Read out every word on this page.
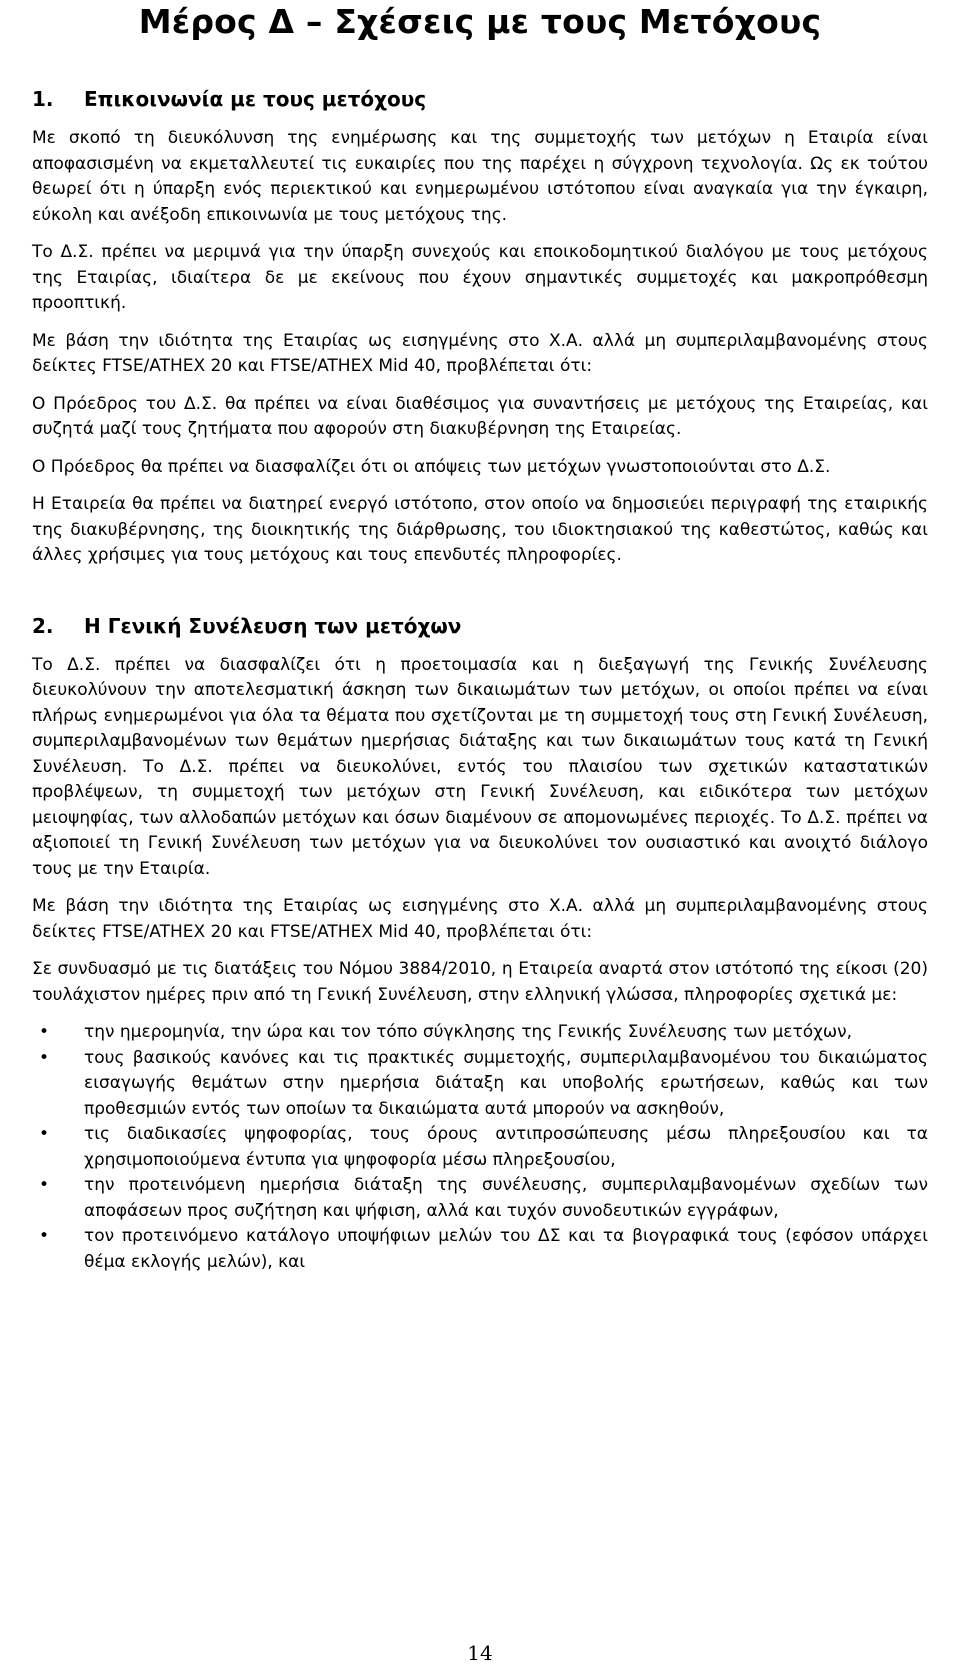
Μέρος Δ – Σχέσεις με τους Μετόχους
1.	Επικοινωνία με τους μετόχους

Με σκοπό τη διευκόλυνση της ενημέρωσης και της συμμετοχής των μετόχων η Εταιρία είναι αποφασισμένη να εκμεταλλευτεί τις ευκαιρίες που της παρέχει η σύγχρονη τεχνολογία. Ως εκ τούτου θεωρεί ότι η ύπαρξη ενός περιεκτικού και ενημερωμένου ιστότοπου είναι αναγκαία για την έγκαιρη, εύκολη και ανέξοδη επικοινωνία με τους μετόχους της.

Το Δ.Σ. πρέπει να μεριμνά για την ύπαρξη συνεχούς και εποικοδομητικού διαλόγου με τους μετόχους της Εταιρίας, ιδιαίτερα δε με εκείνους που έχουν σημαντικές συμμετοχές και μακροπρόθεσμη προοπτική.

Με βάση την ιδιότητα της Εταιρίας ως εισηγμένης στο Χ.Α. αλλά μη συμπεριλαμβανομένης στους δείκτες FTSE/ATHEX 20 και FTSE/ATHEX Mid 40, προβλέπεται ότι:

Ο Πρόεδρος του Δ.Σ. θα πρέπει να είναι διαθέσιμος για συναντήσεις με μετόχους της Εταιρείας, και συζητά μαζί τους ζητήματα που αφορούν στη διακυβέρνηση της Εταιρείας.

Ο Πρόεδρος θα πρέπει να διασφαλίζει ότι οι απόψεις των μετόχων γνωστοποιούνται στο Δ.Σ.

Η Εταιρεία θα πρέπει να διατηρεί ενεργό ιστότοπο, στον οποίο να δημοσιεύει περιγραφή της εταιρικής της διακυβέρνησης, της διοικητικής της διάρθρωσης, του ιδιοκτησιακού της καθεστώτος, καθώς και άλλες χρήσιμες για τους μετόχους και τους επενδυτές πληροφορίες.

2.	Η Γενική Συνέλευση των μετόχων

Το Δ.Σ. πρέπει να διασφαλίζει ότι η προετοιμασία και η διεξαγωγή της Γενικής Συνέλευσης διευκολύνουν την αποτελεσματική άσκηση των δικαιωμάτων των μετόχων, οι οποίοι πρέπει να είναι πλήρως ενημερωμένοι για όλα τα θέματα που σχετίζονται με τη συμμετοχή τους στη Γενική Συνέλευση, συμπεριλαμβανομένων των θεμάτων ημερήσιας διάταξης και των δικαιωμάτων τους κατά τη Γενική Συνέλευση. Το Δ.Σ. πρέπει να διευκολύνει, εντός του πλαισίου των σχετικών καταστατικών προβλέψεων, τη συμμετοχή των μετόχων στη Γενική Συνέλευση, και ειδικότερα των μετόχων μειοψηφίας, των αλλοδαπών μετόχων και όσων διαμένουν σε απομονωμένες περιοχές. Το Δ.Σ. πρέπει να αξιοποιεί τη Γενική Συνέλευση των μετόχων για να διευκολύνει τον ουσιαστικό και ανοιχτό διάλογο τους με την Εταιρία.

Με βάση την ιδιότητα της Εταιρίας ως εισηγμένης στο Χ.Α. αλλά μη συμπεριλαμβανομένης στους δείκτες FTSE/ATHEX 20 και FTSE/ATHEX Mid 40, προβλέπεται ότι:

Σε συνδυασμό με τις διατάξεις του Νόμου 3884/2010, η Εταιρεία αναρτά στον ιστότοπό της είκοσι (20) τουλάχιστον ημέρες πριν από τη Γενική Συνέλευση, στην ελληνική γλώσσα, πληροφορίες σχετικά με:

• την ημερομηνία, την ώρα και τον τόπο σύγκλησης της Γενικής Συνέλευσης των μετόχων,
• τους βασικούς κανόνες και τις πρακτικές συμμετοχής, συμπεριλαμβανομένου του δικαιώματος εισαγωγής θεμάτων στην ημερήσια διάταξη και υποβολής ερωτήσεων, καθώς και των προθεσμιών εντός των οποίων τα δικαιώματα αυτά μπορούν να ασκηθούν,
• τις διαδικασίες ψηφοφορίας, τους όρους αντιπροσώπευσης μέσω πληρεξουσίου και τα χρησιμοποιούμενα έντυπα για ψηφοφορία μέσω πληρεξουσίου,
• την προτεινόμενη ημερήσια διάταξη της συνέλευσης, συμπεριλαμβανομένων σχεδίων των αποφάσεων προς συζήτηση και ψήφιση, αλλά και τυχόν συνοδευτικών εγγράφων,
• τον προτεινόμενο κατάλογο υποψήφιων μελών του ΔΣ και τα βιογραφικά τους (εφόσον υπάρχει θέμα εκλογής μελών), και
14
